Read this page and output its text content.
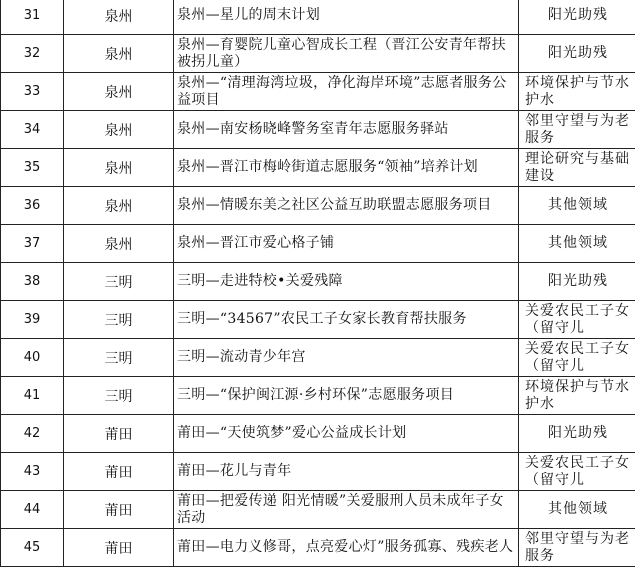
31	泉州	泉州—星儿的周末计划	阳光助残
32	泉州	泉州—育婴院儿童心智成长工程（晋江公安青年帮扶被拐儿童）	阳光助残
33	泉州	泉州—“清理海湾垃圾，净化海岸环境”志愿者服务公益项目	环境保护与节水护水
34	泉州	泉州—南安杨晓峰警务室青年志愿服务驿站	邻里守望与为老服务
35	泉州	泉州—晋江市梅岭街道志愿服务“领袖”培养计划	理论研究与基础建设
36	泉州	泉州—情暖东美之社区公益互助联盟志愿服务项目	其他领域
37	泉州	泉州—晋江市爱心格子铺	其他领域
38	三明	三明—走进特校•关爱残障	阳光助残
39	三明	三明—“34567”农民工子女家长教育帮扶服务	关爱农民工子女（留守儿
40	三明	三明—流动青少年宫	关爱农民工子女（留守儿
41	三明	三明—“保护闽江源·乡村环保”志愿服务项目	环境保护与节水护水
42	莆田	莆田—“天使筑梦”爱心公益成长计划	阳光助残
43	莆田	莆田—花儿与青年	关爱农民工子女（留守儿
44	莆田	莆田—把爱传递 阳光情暖”关爱服刑人员未成年子女活动	其他领域
45	莆田	莆田—电力义修哥，点亮爱心灯”服务孤寡、残疾老人	邻里守望与为老服务
